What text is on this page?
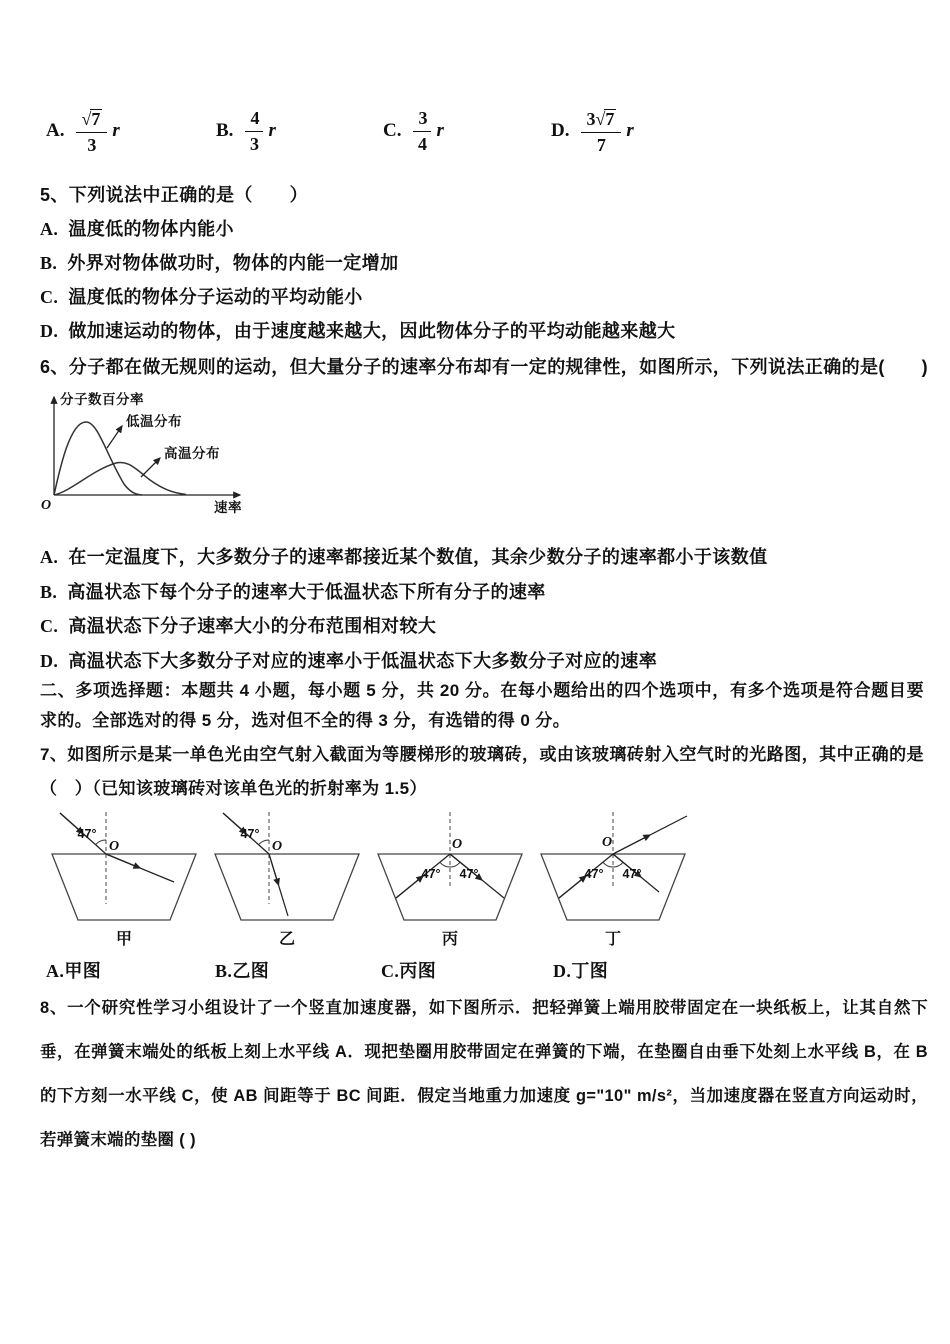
A. $\frac{√ 7}{3}$ r	B. $\frac{4}{3}$ r	C. $\frac{3}{4}$ r	D. $\frac{3 √ 7}{7}$ r
5、下列说法中正确的是（　　）
A. 温度低的物体内能小
B. 外界对物体做功时，物体的内能一定增加
C. 温度低的物体分子运动的平均动能小
D. 做加速运动的物体，由于速度越来越大，因此物体分子的平均动能越来越大
6、分子都在做无规则的运动，但大量分子的速率分布却有一定的规律性，如图所示，下列说法正确的是(　　)
分子数百分率
低温分布
高温分布
O	速率
A. 在一定温度下，大多数分子的速率都接近某个数值，其余少数分子的速率都小于该数值
B. 高温状态下每个分子的速率大于低温状态下所有分子的速率
C. 高温状态下分子速率大小的分布范围相对较大
D. 高温状态下大多数分子对应的速率小于低温状态下大多数分子对应的速率
二、多项选择题：本题共 4 小题，每小题 5 分，共 20 分。在每小题给出的四个选项中，有多个选项是符合题目要求的。全部选对的得 5 分，选对但不全的得 3 分，有选错的得 0 分。
7、如图所示是某一单色光由空气射入截面为等腰梯形的玻璃砖，或由该玻璃砖射入空气时的光路图，其中正确的是（　）（已知该玻璃砖对该单色光的折射率为 1.5）
47°
O
甲
47°
O
乙
47° 47°
O
丙
47° 47°
O
丁
A.甲图	B.乙图	C.丙图	D.丁图
8、一个研究性学习小组设计了一个竖直加速度器，如下图所示．把轻弹簧上端用胶带固定在一块纸板上，让其自然下垂，在弹簧末端处的纸板上刻上水平线 A．现把垫圈用胶带固定在弹簧的下端，在垫圈自由垂下处刻上水平线 B，在 B 的下方刻一水平线 C，使 AB 间距等于 BC 间距．假定当地重力加速度 g="10" m/s²，当加速度器在竖直方向运动时，若弹簧末端的垫圈 ( )
